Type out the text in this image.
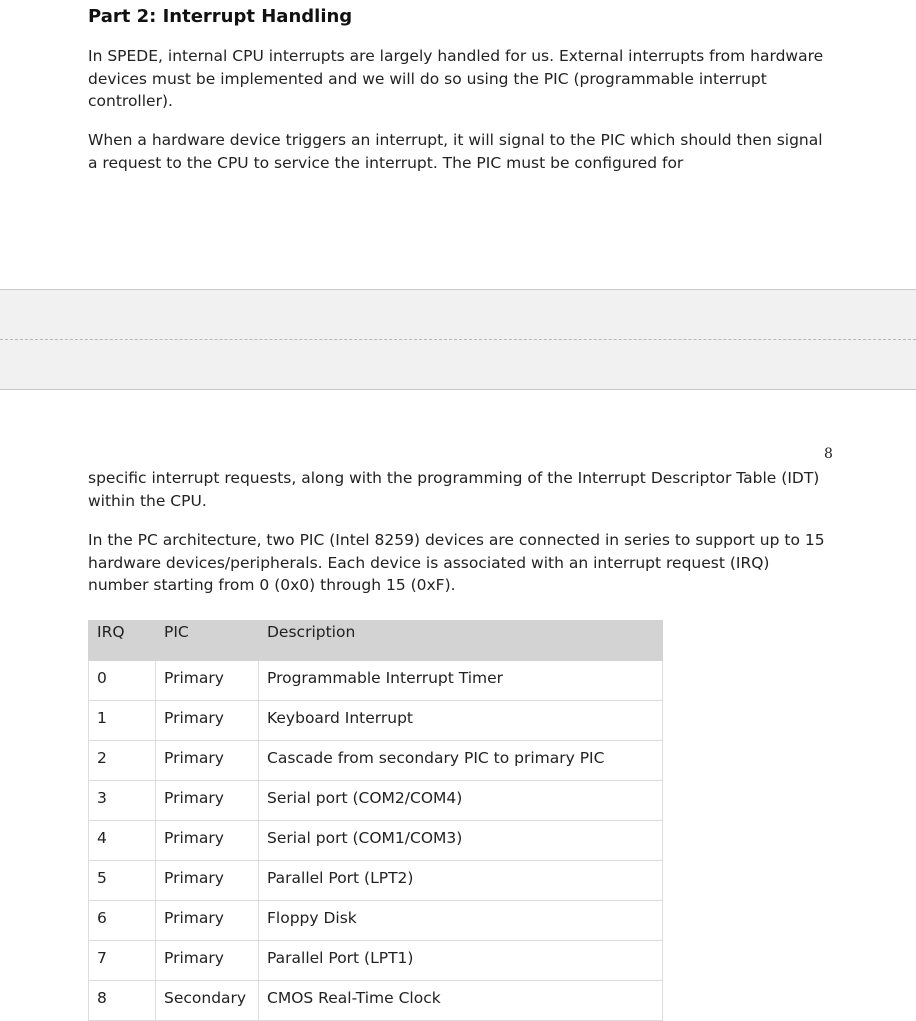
Part 2: Interrupt Handling

In SPEDE, internal CPU interrupts are largely handled for us. External interrupts from hardware devices must be implemented and we will do so using the PIC (programmable interrupt controller).

When a hardware device triggers an interrupt, it will signal to the PIC which should then signal a request to the CPU to service the interrupt. The PIC must be configured for

8

specific interrupt requests, along with the programming of the Interrupt Descriptor Table (IDT) within the CPU.

In the PC architecture, two PIC (Intel 8259) devices are connected in series to support up to 15 hardware devices/peripherals. Each device is associated with an interrupt request (IRQ) number starting from 0 (0x0) through 15 (0xF).

IRQ	PIC	Description
0	Primary	Programmable Interrupt Timer
1	Primary	Keyboard Interrupt
2	Primary	Cascade from secondary PIC to primary PIC
3	Primary	Serial port (COM2/COM4)
4	Primary	Serial port (COM1/COM3)
5	Primary	Parallel Port (LPT2)
6	Primary	Floppy Disk
7	Primary	Parallel Port (LPT1)
8	Secondary	CMOS Real-Time Clock
